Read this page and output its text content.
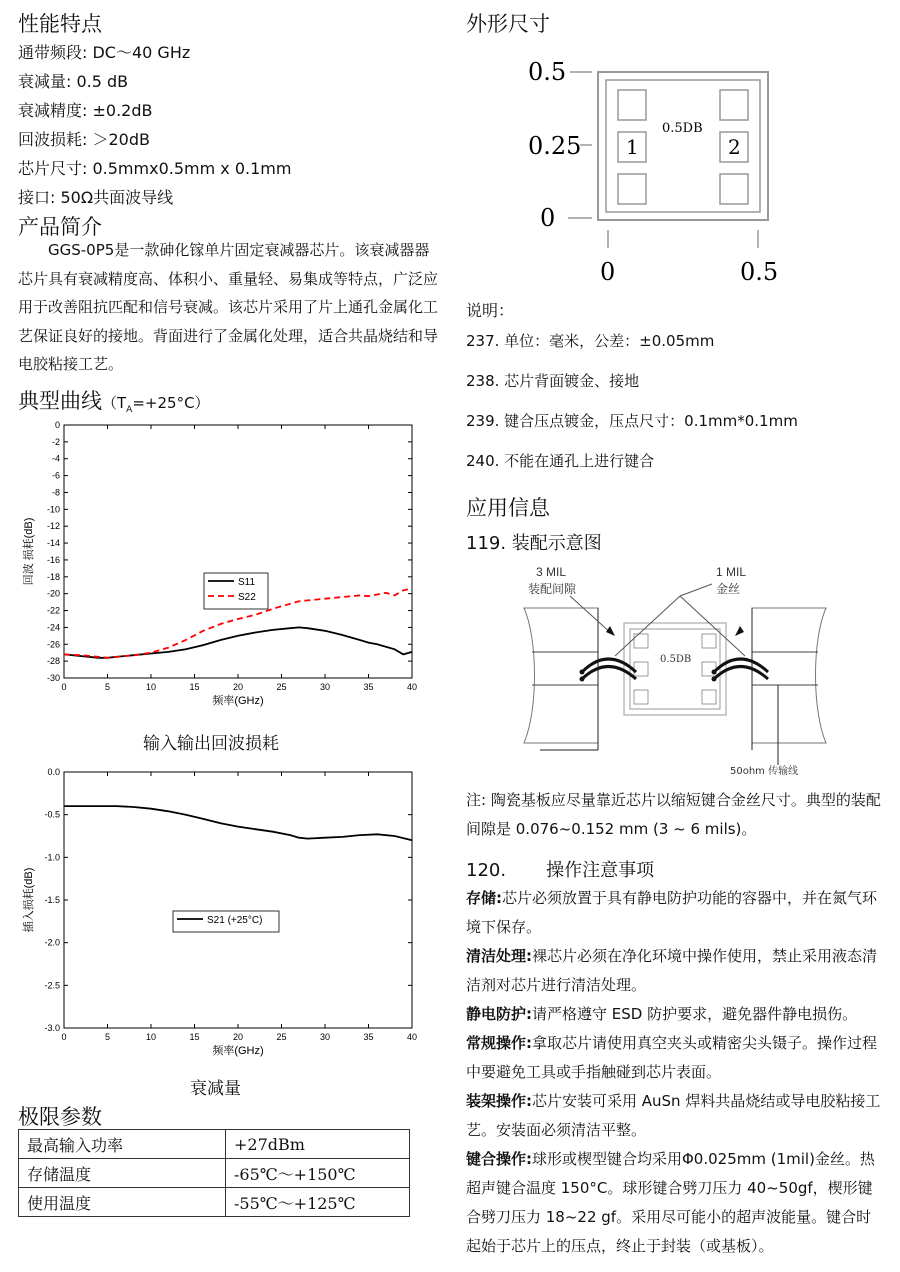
性能特点
通带频段: DC～40 GHz
衰减量: 0.5 dB
衰减精度: ±0.2dB
回波损耗: ＞20dB
芯片尺寸: 0.5mmx0.5mm x 0.1mm
接口: 50Ω共面波导线
产品简介
GGS-0P5是一款砷化镓单片固定衰减器芯片。该衰减器器芯片具有衰减精度高、体积小、重量轻、易集成等特点，广泛应用于改善阻抗匹配和信号衰减。该芯片采用了片上通孔金属化工艺保证良好的接地。背面进行了金属化处理，适合共晶烧结和导电胶粘接工艺。
典型曲线$(T_A=+25^\circ C)$
0
-2
-4
-6
-8
-10
-12
-14
-16
-18
-20
-22
-24
-26
-28
-30
0	5	10	15	20	25	30	35	40
频率(GHz)
回波 损耗(dB)	S11
S22
输入输出回波损耗
0.0
-0.5
-1.0
-1.5
-2.0
-2.5
-3.0
0	5	10	15	20	25	30	35	40
频率(GHz)
插入损耗(dB)	S21 (+25°C)
衰减量
极限参数
最高输入功率	+27dBm
存储温度	-65℃～+150℃
使用温度	-55℃～+125℃
外形尺寸
0.5
0.25
0
1	2
0.5DB
0	0.5
说明：
237. 单位：毫米，公差：±0.05mm
238. 芯片背面镀金、接地
239. 键合压点镀金，压点尺寸：0.1mm*0.1mm
240. 不能在通孔上进行键合
应用信息
119. 装配示意图
3 MIL
装配间隙
1 MIL
金丝
0.5DB
50ohm 传输线
注: 陶瓷基板应尽量靠近芯片以缩短键合金丝尺寸。典型的装配间隙是 0.076~0.152 mm (3 ~ 6 mils)。
120. 操作注意事项
存储:芯片必须放置于具有静电防护功能的容器中，并在氮气环境下保存。
清洁处理:裸芯片必须在净化环境中操作使用，禁止采用液态清洁剂对芯片进行清洁处理。
静电防护:请严格遵守 ESD 防护要求，避免器件静电损伤。
常规操作:拿取芯片请使用真空夹头或精密尖头镊子。操作过程中要避免工具或手指触碰到芯片表面。
装架操作:芯片安装可采用 AuSn 焊料共晶烧结或导电胶粘接工艺。安装面必须清洁平整。
键合操作:球形或楔型键合均采用Φ0.025mm (1mil)金丝。热超声键合温度 150°C。球形键合劈刀压力 40~50gf，楔形键合劈刀压力 18~22 gf。采用尽可能小的超声波能量。键合时起始于芯片上的压点，终止于封装（或基板）。
